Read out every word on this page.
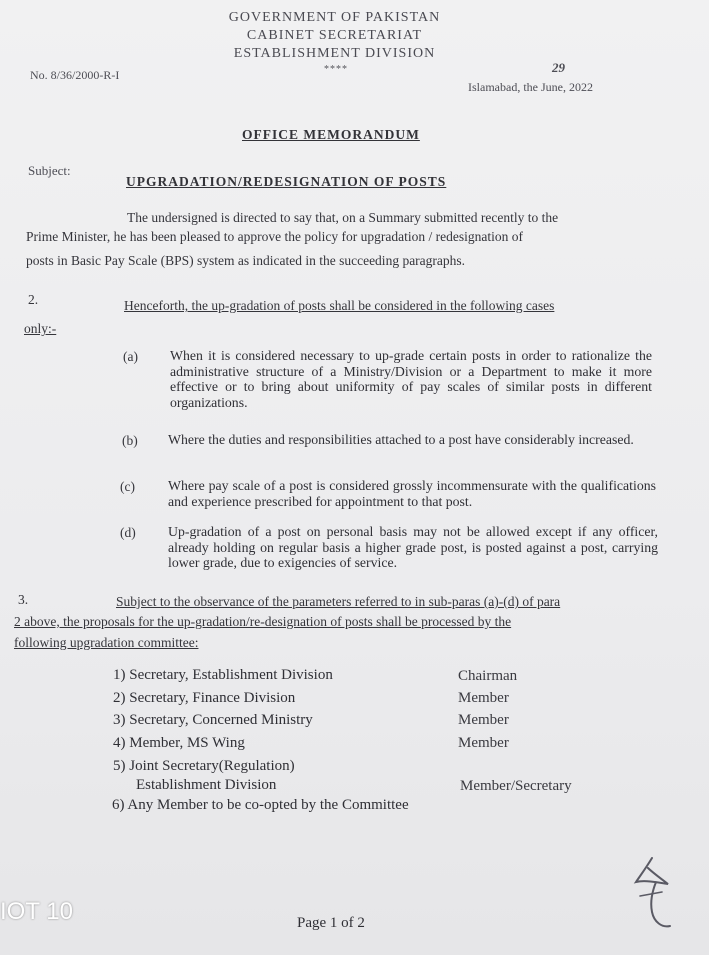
GOVERNMENT OF PAKISTAN
CABINET SECRETARIAT
ESTABLISHMENT DIVISION
****
No. 8/36/2000-R-I	29
Islamabad, the June, 2022
OFFICE MEMORANDUM
Subject:
UPGRADATION/REDESIGNATION OF POSTS
The undersigned is directed to say that, on a Summary submitted recently to the
Prime Minister, he has been pleased to approve the policy for upgradation / redesignation of
posts in Basic Pay Scale (BPS) system as indicated in the succeeding paragraphs.
2.	Henceforth, the up-gradation of posts shall be considered in the following cases
only:-
(a) When it is considered necessary to up-grade certain posts in order to rationalize the administrative structure of a Ministry/Division or a Department to make it more effective or to bring about uniformity of pay scales of similar posts in different organizations.
(b) Where the duties and responsibilities attached to a post have considerably increased.
(c) Where pay scale of a post is considered grossly incommensurate with the qualifications and experience prescribed for appointment to that post.
(d) Up-gradation of a post on personal basis may not be allowed except if any officer, already holding on regular basis a higher grade post, is posted against a post, carrying lower grade, due to exigencies of service.
3.	Subject to the observance of the parameters referred to in sub-paras (a)-(d) of para
2 above, the proposals for the up-gradation/re-designation of posts shall be processed by the
following upgradation committee:
1) Secretary, Establishment Division	Chairman
2) Secretary, Finance Division	Member
3) Secretary, Concerned Ministry	Member
4) Member, MS Wing	Member
5) Joint Secretary(Regulation)
Establishment Division	Member/Secretary
6) Any Member to be co-opted by the Committee
IOT 10	Page 1 of 2
